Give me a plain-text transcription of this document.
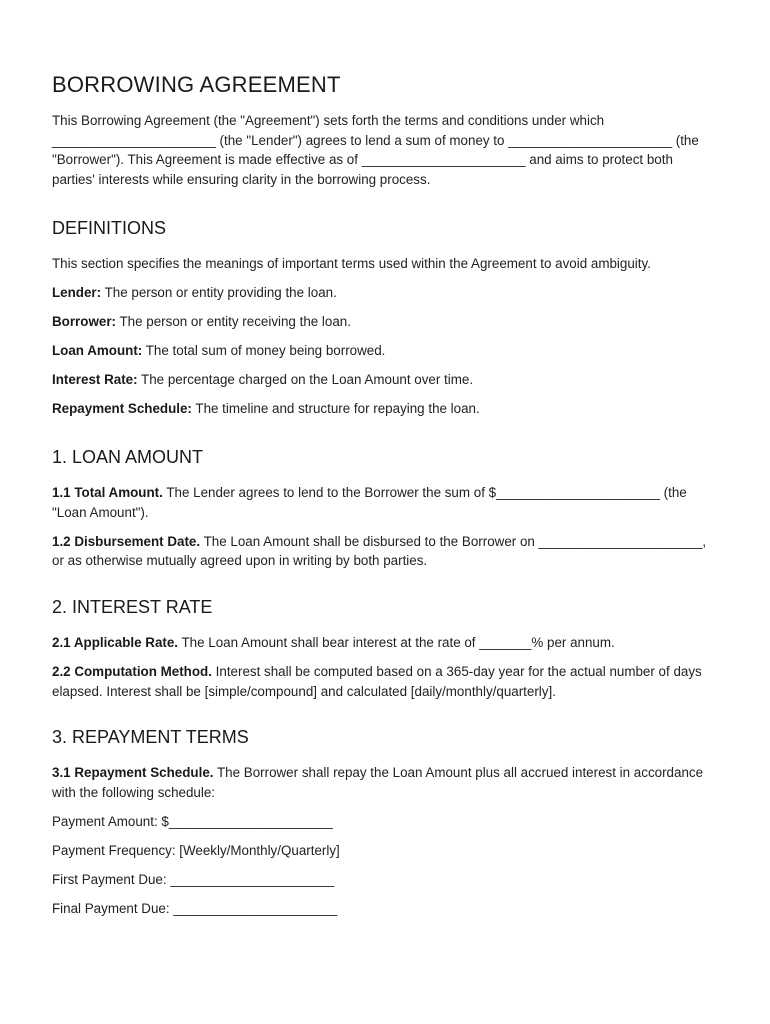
BORROWING AGREEMENT

This Borrowing Agreement (the "Agreement") sets forth the terms and conditions under which ______________________ (the "Lender") agrees to lend a sum of money to ______________________ (the "Borrower"). This Agreement is made effective as of ______________________ and aims to protect both parties' interests while ensuring clarity in the borrowing process.

DEFINITIONS

This section specifies the meanings of important terms used within the Agreement to avoid ambiguity.

Lender: The person or entity providing the loan.

Borrower: The person or entity receiving the loan.

Loan Amount: The total sum of money being borrowed.

Interest Rate: The percentage charged on the Loan Amount over time.

Repayment Schedule: The timeline and structure for repaying the loan.

1. LOAN AMOUNT

1.1 Total Amount. The Lender agrees to lend to the Borrower the sum of $______________________ (the "Loan Amount").

1.2 Disbursement Date. The Loan Amount shall be disbursed to the Borrower on ______________________, or as otherwise mutually agreed upon in writing by both parties.

2. INTEREST RATE

2.1 Applicable Rate. The Loan Amount shall bear interest at the rate of _______% per annum.

2.2 Computation Method. Interest shall be computed based on a 365-day year for the actual number of days elapsed. Interest shall be [simple/compound] and calculated [daily/monthly/quarterly].

3. REPAYMENT TERMS

3.1 Repayment Schedule. The Borrower shall repay the Loan Amount plus all accrued interest in accordance with the following schedule:

Payment Amount: $______________________

Payment Frequency: [Weekly/Monthly/Quarterly]

First Payment Due: ______________________

Final Payment Due: ______________________
